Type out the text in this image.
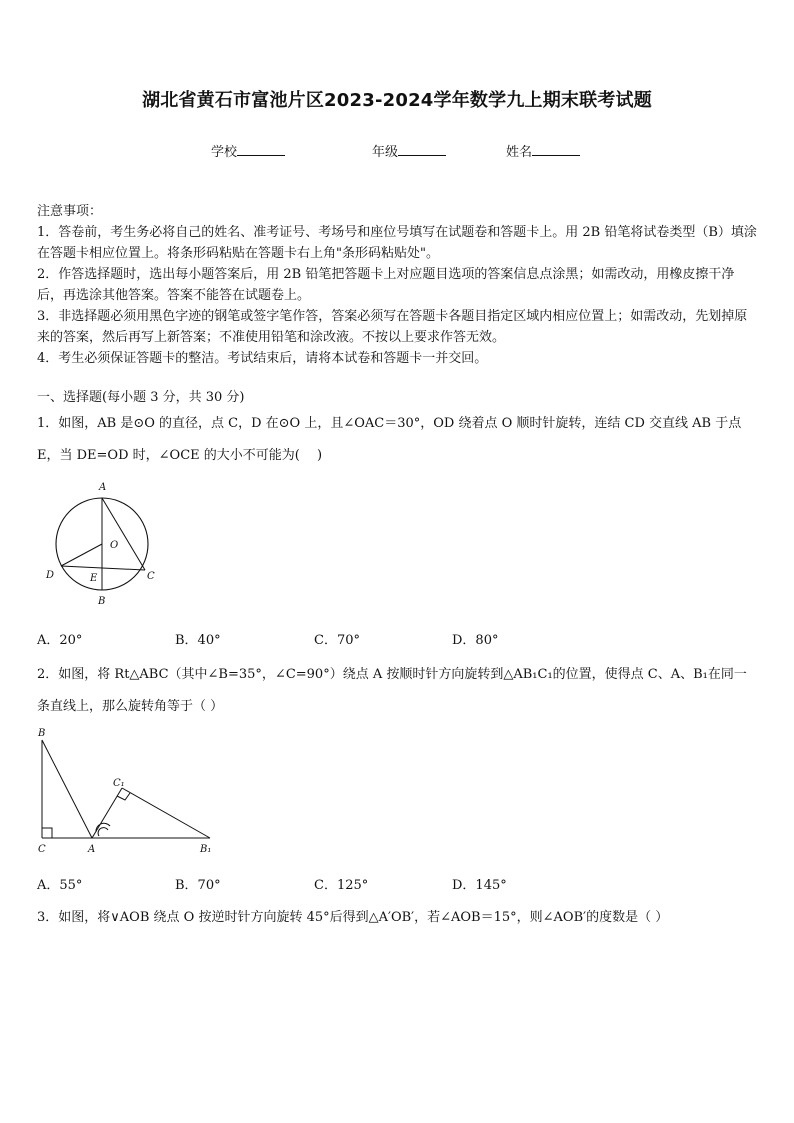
湖北省黄石市富池片区2023-2024学年数学九上期末联考试题
学校	年级	姓名

注意事项：

1．答卷前，考生务必将自己的姓名、准考证号、考场号和座位号填写在试题卷和答题卡上。用 2B 铅笔将试卷类型（B）填涂在答题卡相应位置上。将条形码粘贴在答题卡右上角"条形码粘贴处"。

2．作答选择题时，选出每小题答案后，用 2B 铅笔把答题卡上对应题目选项的答案信息点涂黑；如需改动，用橡皮擦干净后，再选涂其他答案。答案不能答在试题卷上。

3．非选择题必须用黑色字迹的钢笔或签字笔作答，答案必须写在答题卡各题目指定区域内相应位置上；如需改动，先划掉原来的答案，然后再写上新答案；不准使用铅笔和涂改液。不按以上要求作答无效。

4．考生必须保证答题卡的整洁。考试结束后，请将本试卷和答题卡一并交回。

一、选择题(每小题 3 分，共 30 分)
1．如图，AB 是⊙O 的直径，点 C，D 在⊙O 上，且∠OAC＝30°，OD 绕着点 O 顺时针旋转，连结 CD 交直线 AB 于点 E，当 DE=OD 时，∠OCE 的大小不可能为(　 )
A
O
D	E	C
B
A．20°	B．40°	C．70°	D．80°
2．如图，将 Rt△ABC（其中∠B=35°，∠C=90°）绕点 A 按顺时针方向旋转到△AB₁C₁的位置，使得点 C、A、B₁在同一条直线上，那么旋转角等于（ ）
B
C₁
C	A	B₁
A．55°	B．70°	C．125°	D．145°
3．如图，将∨AOB 绕点 O 按逆时针方向旋转 45°后得到△A′OB′，若∠AOB＝15°，则∠AOB′的度数是（ ）
